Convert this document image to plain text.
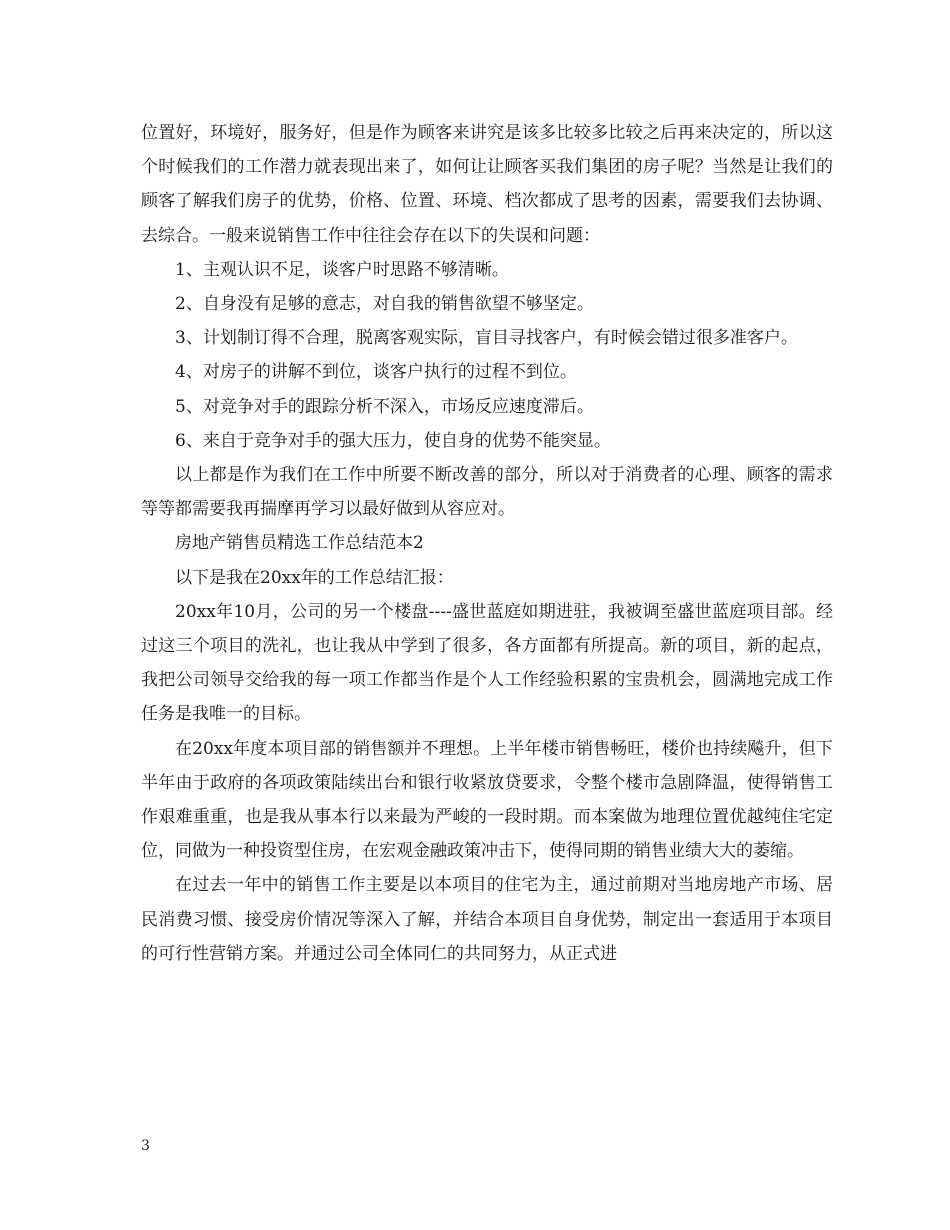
位置好，环境好，服务好，但是作为顾客来讲究是该多比较多比较之后再来决定的，所以这个时候我们的工作潜力就表现出来了，如何让让顾客买我们集团的房子呢？当然是让我们的顾客了解我们房子的优势，价格、位置、环境、档次都成了思考的因素，需要我们去协调、去综合。一般来说销售工作中往往会存在以下的失误和问题：

1、主观认识不足，谈客户时思路不够清晰。

2、自身没有足够的意志，对自我的销售欲望不够坚定。

3、计划制订得不合理，脱离客观实际，盲目寻找客户，有时候会错过很多准客户。

4、对房子的讲解不到位，谈客户执行的过程不到位。

5、对竞争对手的跟踪分析不深入，市场反应速度滞后。

6、来自于竞争对手的强大压力，使自身的优势不能突显。

以上都是作为我们在工作中所要不断改善的部分，所以对于消费者的心理、顾客的需求等等都需要我再揣摩再学习以最好做到从容应对。

房地产销售员精选工作总结范本2

以下是我在20xx年的工作总结汇报：

20xx年10月，公司的另一个楼盘----盛世蓝庭如期进驻，我被调至盛世蓝庭项目部。经过这三个项目的洗礼，也让我从中学到了很多，各方面都有所提高。新的项目，新的起点，我把公司领导交给我的每一项工作都当作是个人工作经验积累的宝贵机会，圆满地完成工作任务是我唯一的目标。

在20xx年度本项目部的销售额并不理想。上半年楼市销售畅旺，楼价也持续飚升，但下半年由于政府的各项政策陆续出台和银行收紧放贷要求，令整个楼市急剧降温，使得销售工作艰难重重，也是我从事本行以来最为严峻的一段时期。而本案做为地理位置优越纯住宅定位，同做为一种投资型住房，在宏观金融政策冲击下，使得同期的销售业绩大大的萎缩。

在过去一年中的销售工作主要是以本项目的住宅为主，通过前期对当地房地产市场、居民消费习惯、接受房价情况等深入了解，并结合本项目自身优势，制定出一套适用于本项目的可行性营销方案。并通过公司全体同仁的共同努力，从正式进

3
